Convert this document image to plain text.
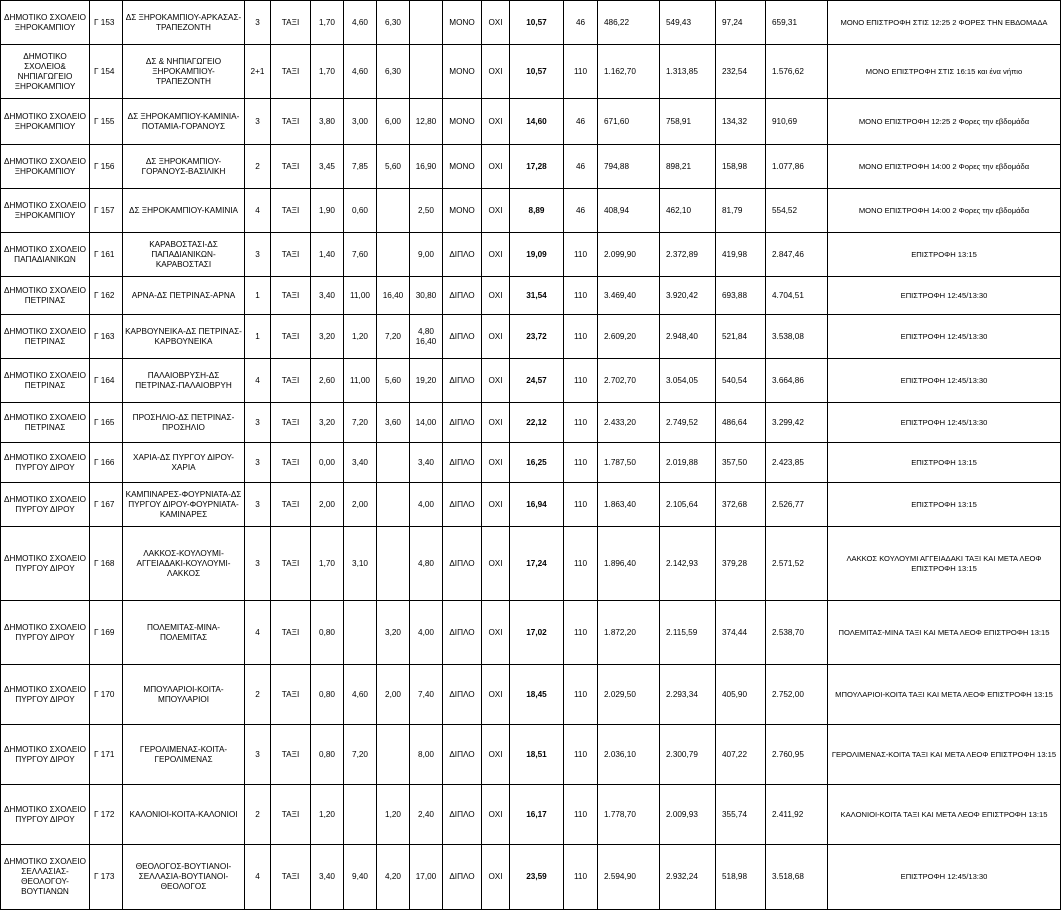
ΔΗΜΟΤΙΚΟ ΣΧΟΛΕΙΟ ΞΗΡΟΚΑΜΠΙΟΥ	Γ 153	ΔΣ ΞΗΡΟΚΑΜΠΙΟΥ-ΑΡΚΑΣΑΣ-ΤΡΑΠΕΖΟΝΤΗ	3	ΤΑΞΙ	1,70	4,60	6,30		ΜΟΝΟ	ΟΧΙ	10,57	46	486,22	549,43	97,24	659,31	ΜΟΝΟ ΕΠΙΣΤΡΟΦΗ ΣΤΙΣ 12:25 2 ΦΟΡΕΣ ΤΗΝ ΕΒΔΟΜΑΔΑ
ΔΗΜΟΤΙΚΟ ΣΧΟΛΕΙΟ& ΝΗΠΙΑΓΩΓΕΙΟ ΞΗΡΟΚΑΜΠΙΟΥ	Γ 154	ΔΣ & ΝΗΠΙΑΓΩΓΕΙΟ ΞΗΡΟΚΑΜΠΙΟΥ-ΤΡΑΠΕΖΟΝΤΗ	2+1	ΤΑΞΙ	1,70	4,60	6,30		ΜΟΝΟ	ΟΧΙ	10,57	110	1.162,70	1.313,85	232,54	1.576,62	ΜΟΝΟ ΕΠΙΣΤΡΟΦΗ ΣΤΙΣ 16:15 και ένα νήπιο
ΔΗΜΟΤΙΚΟ ΣΧΟΛΕΙΟ ΞΗΡΟΚΑΜΠΙΟΥ	Γ 155	ΔΣ ΞΗΡΟΚΑΜΠΙΟΥ-ΚΑΜΙΝΙΑ-ΠΟΤΑΜΙΑ-ΓΟΡΑΝΟΥΣ	3	ΤΑΞΙ	3,80	3,00	6,00	12,80	ΜΟΝΟ	ΟΧΙ	14,60	46	671,60	758,91	134,32	910,69	ΜΟΝΟ ΕΠΙΣΤΡΟΦΗ 12:25 2 Φορες την εβδομάδα
ΔΗΜΟΤΙΚΟ ΣΧΟΛΕΙΟ ΞΗΡΟΚΑΜΠΙΟΥ	Γ 156	ΔΣ ΞΗΡΟΚΑΜΠΙΟΥ-ΓΟΡΑΝΟΥΣ-ΒΑΣΙΛΙΚΗ	2	ΤΑΞΙ	3,45	7,85	5,60	16,90	ΜΟΝΟ	ΟΧΙ	17,28	46	794,88	898,21	158,98	1.077,86	ΜΟΝΟ ΕΠΙΣΤΡΟΦΗ 14:00 2 Φορες την εβδομάδα
ΔΗΜΟΤΙΚΟ ΣΧΟΛΕΙΟ ΞΗΡΟΚΑΜΠΙΟΥ	Γ 157	ΔΣ ΞΗΡΟΚΑΜΠΙΟΥ-ΚΑΜΙΝΙΑ	4	ΤΑΞΙ	1,90	0,60		2,50	ΜΟΝΟ	ΟΧΙ	8,89	46	408,94	462,10	81,79	554,52	ΜΟΝΟ ΕΠΙΣΤΡΟΦΗ 14:00 2 Φορες την εβδομάδα
ΔΗΜΟΤΙΚΟ ΣΧΟΛΕΙΟ ΠΑΠΑΔΙΑΝΙΚΩΝ	Γ 161	ΚΑΡΑΒΟΣΤΑΣΙ-ΔΣ ΠΑΠΑΔΙΑΝΙΚΩΝ-ΚΑΡΑΒΟΣΤΑΣΙ	3	ΤΑΞΙ	1,40	7,60		9,00	ΔΙΠΛΟ	ΟΧΙ	19,09	110	2.099,90	2.372,89	419,98	2.847,46	ΕΠΙΣΤΡΟΦΗ 13:15
ΔΗΜΟΤΙΚΟ ΣΧΟΛΕΙΟ ΠΕΤΡΙΝΑΣ	Γ 162	ΑΡΝΑ-ΔΣ ΠΕΤΡΙΝΑΣ-ΑΡΝΑ	1	ΤΑΞΙ	3,40	11,00	16,40	30,80	ΔΙΠΛΟ	ΟΧΙ	31,54	110	3.469,40	3.920,42	693,88	4.704,51	ΕΠΙΣΤΡΟΦΗ 12:45/13:30
ΔΗΜΟΤΙΚΟ ΣΧΟΛΕΙΟ ΠΕΤΡΙΝΑΣ	Γ 163	ΚΑΡΒΟΥΝΕΙΚΑ-ΔΣ ΠΕΤΡΙΝΑΣ-ΚΑΡΒΟΥΝΕΙΚΑ	1	ΤΑΞΙ	3,20	1,20	7,20	4,80 16,40	ΔΙΠΛΟ	ΟΧΙ	23,72	110	2.609,20	2.948,40	521,84	3.538,08	ΕΠΙΣΤΡΟΦΗ 12:45/13:30
ΔΗΜΟΤΙΚΟ ΣΧΟΛΕΙΟ ΠΕΤΡΙΝΑΣ	Γ 164	ΠΑΛΑΙΟΒΡΥΣΗ-ΔΣ ΠΕΤΡΙΝΑΣ-ΠΑΛΑΙΟΒΡΥΗ	4	ΤΑΞΙ	2,60	11,00	5,60	19,20	ΔΙΠΛΟ	ΟΧΙ	24,57	110	2.702,70	3.054,05	540,54	3.664,86	ΕΠΙΣΤΡΟΦΗ 12:45/13:30
ΔΗΜΟΤΙΚΟ ΣΧΟΛΕΙΟ ΠΕΤΡΙΝΑΣ	Γ 165	ΠΡΟΣΗΛΙΟ-ΔΣ ΠΕΤΡΙΝΑΣ-ΠΡΟΣΗΛΙΟ	3	ΤΑΞΙ	3,20	7,20	3,60	14,00	ΔΙΠΛΟ	ΟΧΙ	22,12	110	2.433,20	2.749,52	486,64	3.299,42	ΕΠΙΣΤΡΟΦΗ 12:45/13:30
ΔΗΜΟΤΙΚΟ ΣΧΟΛΕΙΟ ΠΥΡΓΟΥ ΔΙΡΟΥ	Γ 166	ΧΑΡΙΑ-ΔΣ ΠΥΡΓΟΥ ΔΙΡΟΥ-ΧΑΡΙΑ	3	ΤΑΞΙ	0,00	3,40		3,40	ΔΙΠΛΟ	ΟΧΙ	16,25	110	1.787,50	2.019,88	357,50	2.423,85	ΕΠΙΣΤΡΟΦΗ 13:15
ΔΗΜΟΤΙΚΟ ΣΧΟΛΕΙΟ ΠΥΡΓΟΥ ΔΙΡΟΥ	Γ 167	ΚΑΜΠΙΝΑΡΕΣ-ΦΟΥΡΝΙΑΤΑ-ΔΣ ΠΥΡΓΟΥ ΔΙΡΟΥ-ΦΟΥΡΝΙΑΤΑ-ΚΑΜΙΝΑΡΕΣ	3	ΤΑΞΙ	2,00	2,00		4,00	ΔΙΠΛΟ	ΟΧΙ	16,94	110	1.863,40	2.105,64	372,68	2.526,77	ΕΠΙΣΤΡΟΦΗ 13:15
ΔΗΜΟΤΙΚΟ ΣΧΟΛΕΙΟ ΠΥΡΓΟΥ ΔΙΡΟΥ	Γ 168	ΛΑΚΚΟΣ-ΚΟΥΛΟΥΜΙ-ΑΓΓΕΙΑΔΑΚΙ-ΚΟΥΛΟΥΜΙ-ΛΑΚΚΟΣ	3	ΤΑΞΙ	1,70	3,10		4,80	ΔΙΠΛΟ	ΟΧΙ	17,24	110	1.896,40	2.142,93	379,28	2.571,52	ΛΑΚΚΟΣ ΚΟΥΛΟΥΜΙ ΑΓΓΕΙΑΔΑΚΙ ΤΑΞΙ ΚΑΙ ΜΕΤΑ ΛΕΟΦ ΕΠΙΣΤΡΟΦΗ 13:15
ΔΗΜΟΤΙΚΟ ΣΧΟΛΕΙΟ ΠΥΡΓΟΥ ΔΙΡΟΥ	Γ 169	ΠΟΛΕΜΙΤΑΣ-ΜΙΝΑ-ΠΟΛΕΜΙΤΑΣ	4	ΤΑΞΙ	0,80		3,20	4,00	ΔΙΠΛΟ	ΟΧΙ	17,02	110	1.872,20	2.115,59	374,44	2.538,70	ΠΟΛΕΜΙΤΑΣ-ΜΙΝΑ ΤΑΞΙ ΚΑΙ ΜΕΤΑ ΛΕΟΦ ΕΠΙΣΤΡΟΦΗ 13:15
ΔΗΜΟΤΙΚΟ ΣΧΟΛΕΙΟ ΠΥΡΓΟΥ ΔΙΡΟΥ	Γ 170	ΜΠΟΥΛΑΡΙΟΙ-ΚΟΙΤΑ-ΜΠΟΥΛΑΡΙΟΙ	2	ΤΑΞΙ	0,80	4,60	2,00	7,40	ΔΙΠΛΟ	ΟΧΙ	18,45	110	2.029,50	2.293,34	405,90	2.752,00	ΜΠΟΥΛΑΡΙΟΙ-ΚΟΙΤΑ ΤΑΞΙ ΚΑΙ ΜΕΤΑ ΛΕΟΦ ΕΠΙΣΤΡΟΦΗ 13:15
ΔΗΜΟΤΙΚΟ ΣΧΟΛΕΙΟ ΠΥΡΓΟΥ ΔΙΡΟΥ	Γ 171	ΓΕΡΟΛΙΜΕΝΑΣ-ΚΟΙΤΑ-ΓΕΡΟΛΙΜΕΝΑΣ	3	ΤΑΞΙ	0,80	7,20		8,00	ΔΙΠΛΟ	ΟΧΙ	18,51	110	2.036,10	2.300,79	407,22	2.760,95	ΓΕΡΟΛΙΜΕΝΑΣ-ΚΟΙΤΑ ΤΑΞΙ ΚΑΙ ΜΕΤΑ ΛΕΟΦ ΕΠΙΣΤΡΟΦΗ 13:15
ΔΗΜΟΤΙΚΟ ΣΧΟΛΕΙΟ ΠΥΡΓΟΥ ΔΙΡΟΥ	Γ 172	ΚΑΛΟΝΙΟΙ-ΚΟΙΤΑ-ΚΑΛΟΝΙΟΙ	2	ΤΑΞΙ	1,20		1,20	2,40	ΔΙΠΛΟ	ΟΧΙ	16,17	110	1.778,70	2.009,93	355,74	2.411,92	ΚΑΛΟΝΙΟΙ-ΚΟΙΤΑ ΤΑΞΙ ΚΑΙ ΜΕΤΑ ΛΕΟΦ ΕΠΙΣΤΡΟΦΗ 13:15
ΔΗΜΟΤΙΚΟ ΣΧΟΛΕΙΟ ΣΕΛΛΑΣΙΑΣ-ΘΕΟΛΟΓΟΥ-ΒΟΥΤΙΑΝΩΝ	Γ 173	ΘΕΟΛΟΓΟΣ-ΒΟΥΤΙΑΝΟΙ-ΣΕΛΛΑΣΙΑ-ΒΟΥΤΙΑΝΟΙ-ΘΕΟΛΟΓΟΣ	4	ΤΑΞΙ	3,40	9,40	4,20	17,00	ΔΙΠΛΟ	ΟΧΙ	23,59	110	2.594,90	2.932,24	518,98	3.518,68	ΕΠΙΣΤΡΟΦΗ 12:45/13:30
